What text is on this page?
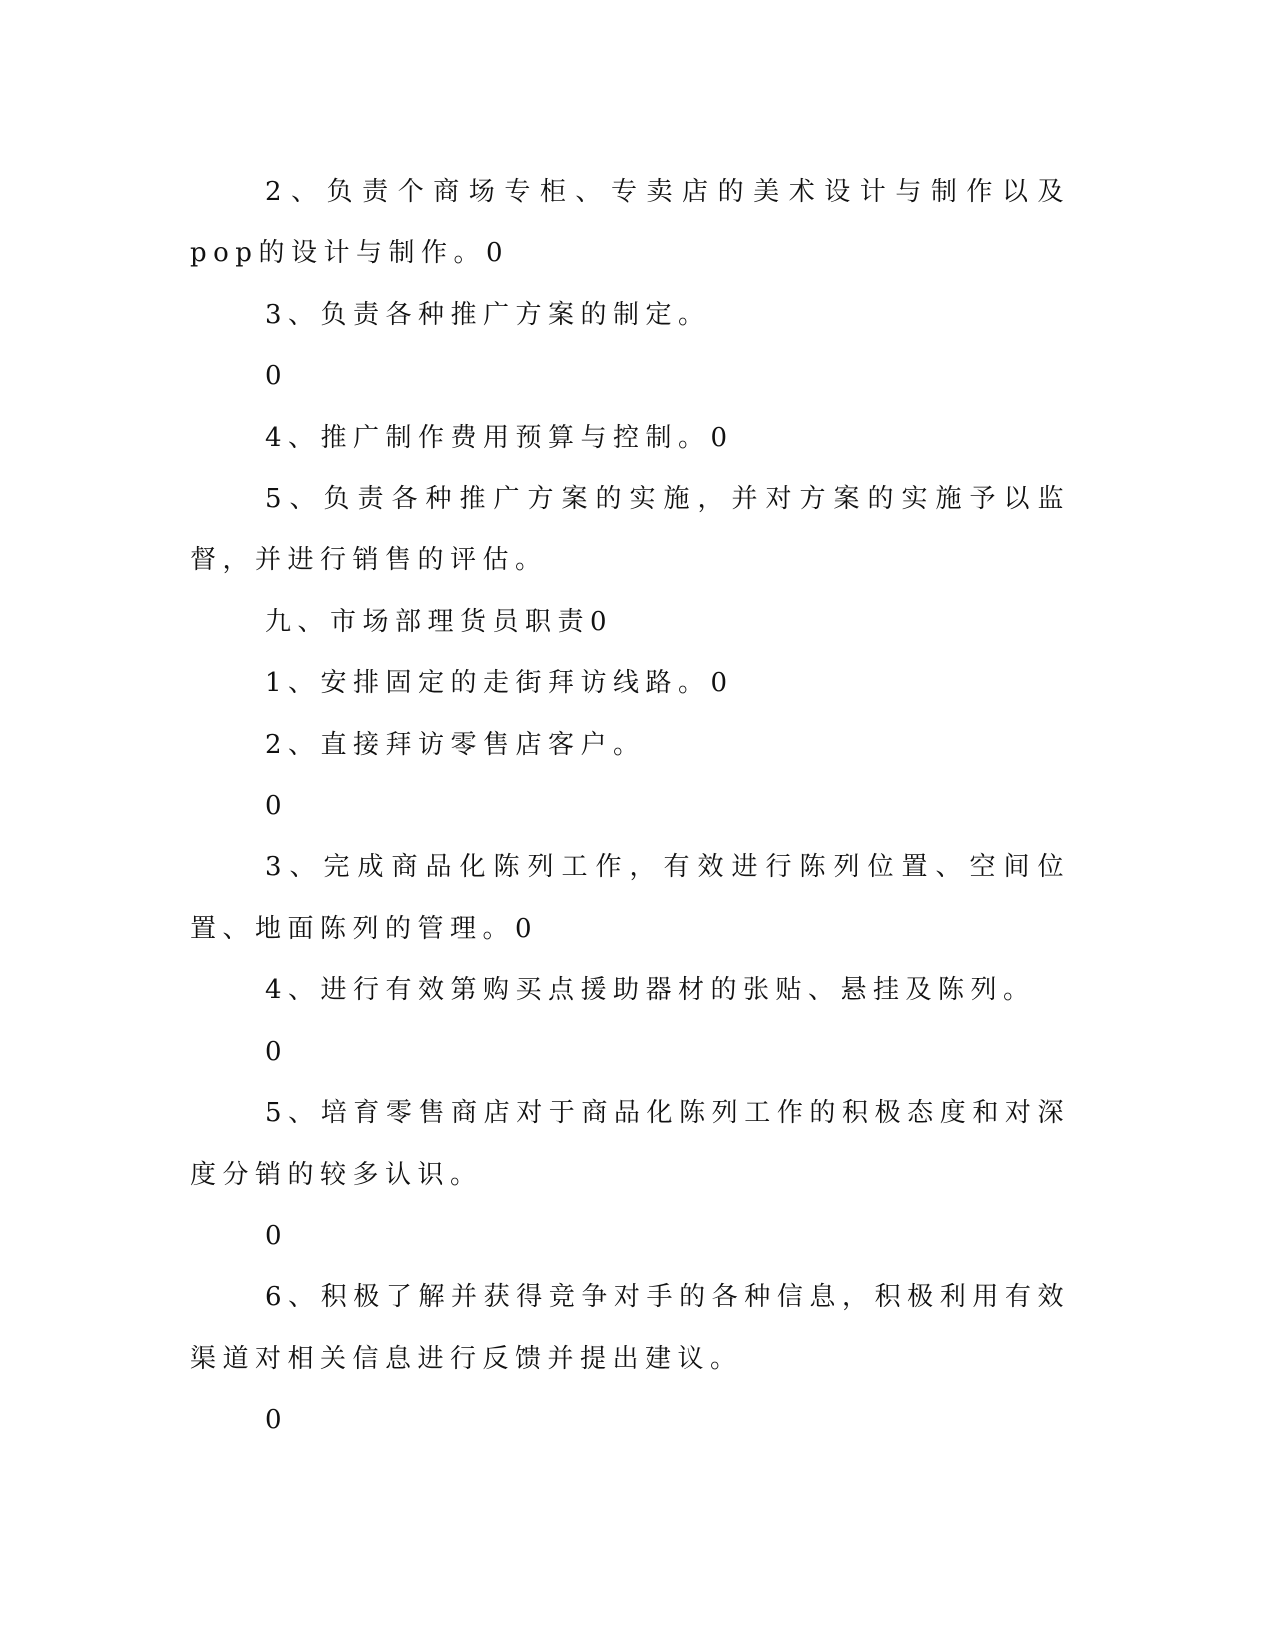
2、负责个商场专柜、专卖店的美术设计与制作以及pop的设计与制作。0

3、负责各种推广方案的制定。

0

4、推广制作费用预算与控制。0

5、负责各种推广方案的实施，并对方案的实施予以监督，并进行销售的评估。

九、市场部理货员职责0

1、安排固定的走街拜访线路。0

2、直接拜访零售店客户。

0

3、完成商品化陈列工作，有效进行陈列位置、空间位置、地面陈列的管理。0

4、进行有效第购买点援助器材的张贴、悬挂及陈列。

0

5、培育零售商店对于商品化陈列工作的积极态度和对深度分销的较多认识。

0

6、积极了解并获得竞争对手的各种信息，积极利用有效渠道对相关信息进行反馈并提出建议。

0
